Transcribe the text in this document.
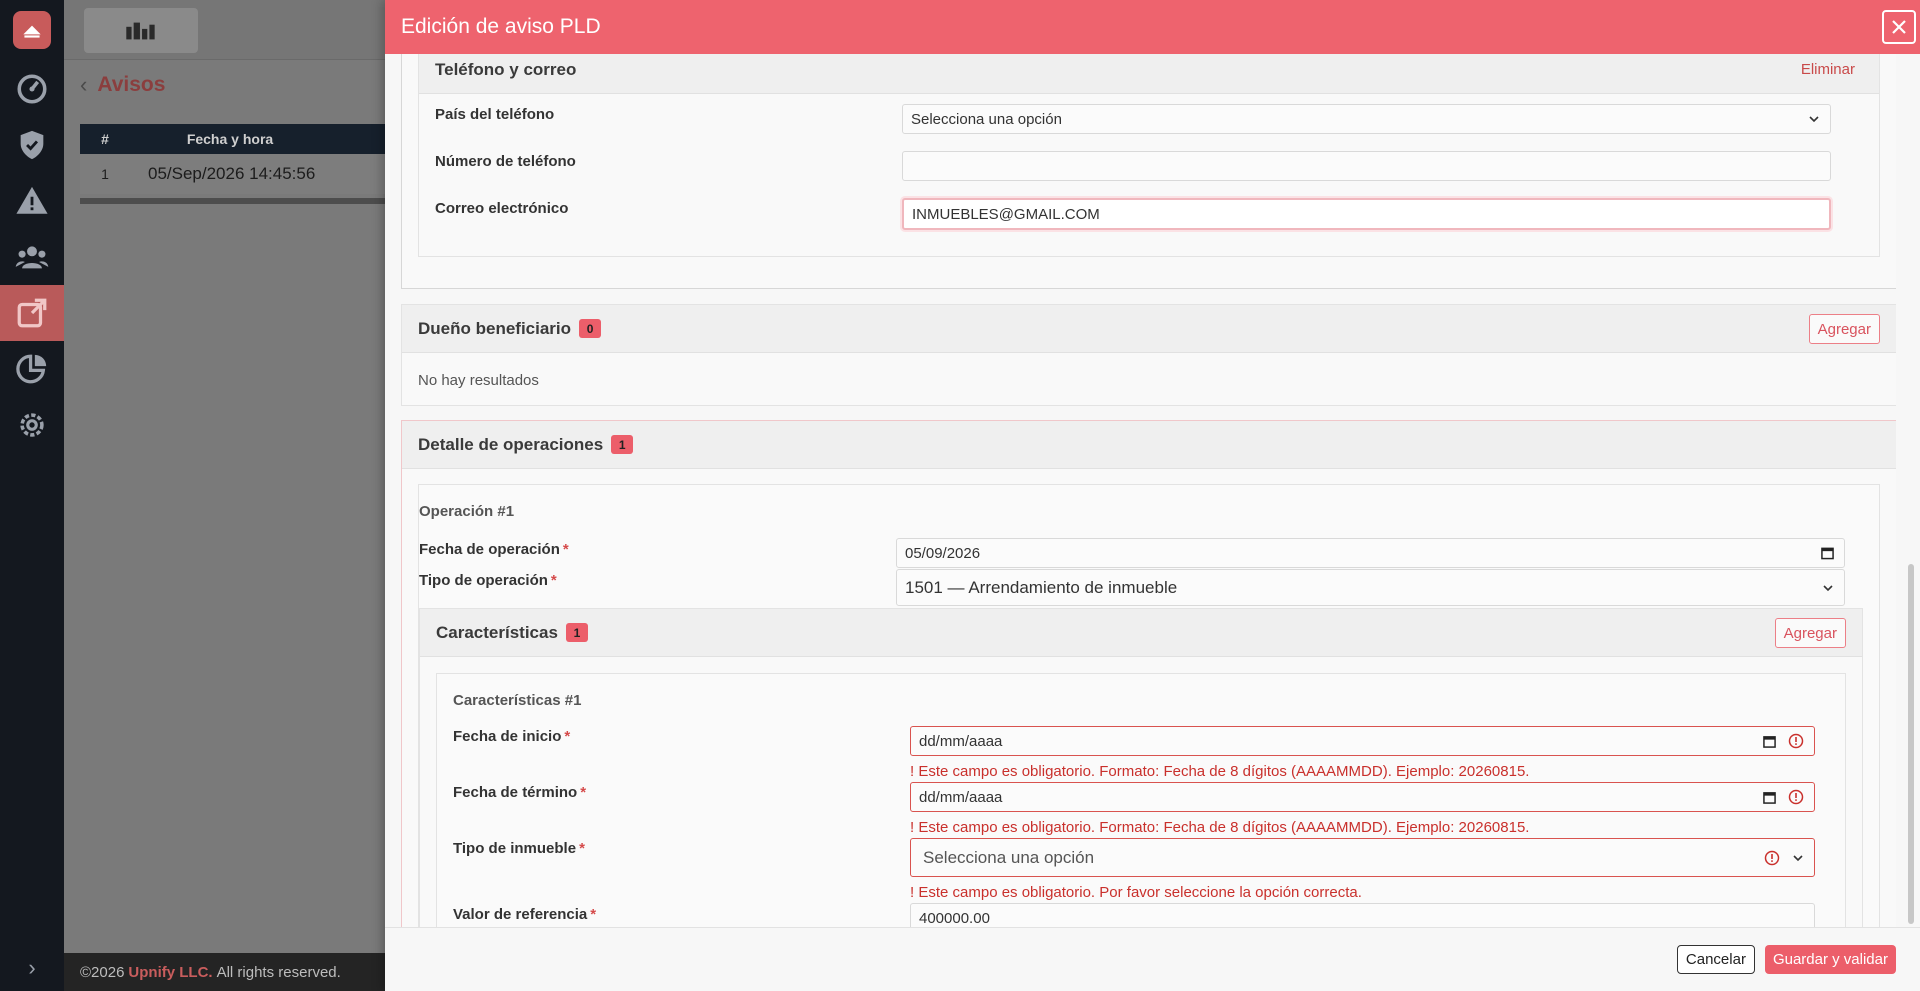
›
‹ Avisos
#	Fecha y hora
1	05/Sep/2026 14:45:56
©2026 Upnify LLC. All rights reserved.
Edición de aviso PLD
Teléfono y correo	Eliminar
País del teléfono	Selecciona una opción
Número de teléfono
Correo electrónico	INMUEBLES@GMAIL.COM
Dueño beneficiario	0	Agregar
No hay resultados
Detalle de operaciones	1
Operación #1
Fecha de operación *	05/09/2026
Tipo de operación *	1501 — Arrendamiento de inmueble
Características	1	Agregar
Características #1
Fecha de inicio *	dd/mm/aaaa
! Este campo es obligatorio. Formato: Fecha de 8 dígitos (AAAAMMDD). Ejemplo: 20260815.
Fecha de término *	dd/mm/aaaa
! Este campo es obligatorio. Formato: Fecha de 8 dígitos (AAAAMMDD). Ejemplo: 20260815.
Tipo de inmueble *	Selecciona una opción
! Este campo es obligatorio. Por favor seleccione la opción correcta.
Valor de referencia *	400000.00
Cancelar	Guardar y validar
